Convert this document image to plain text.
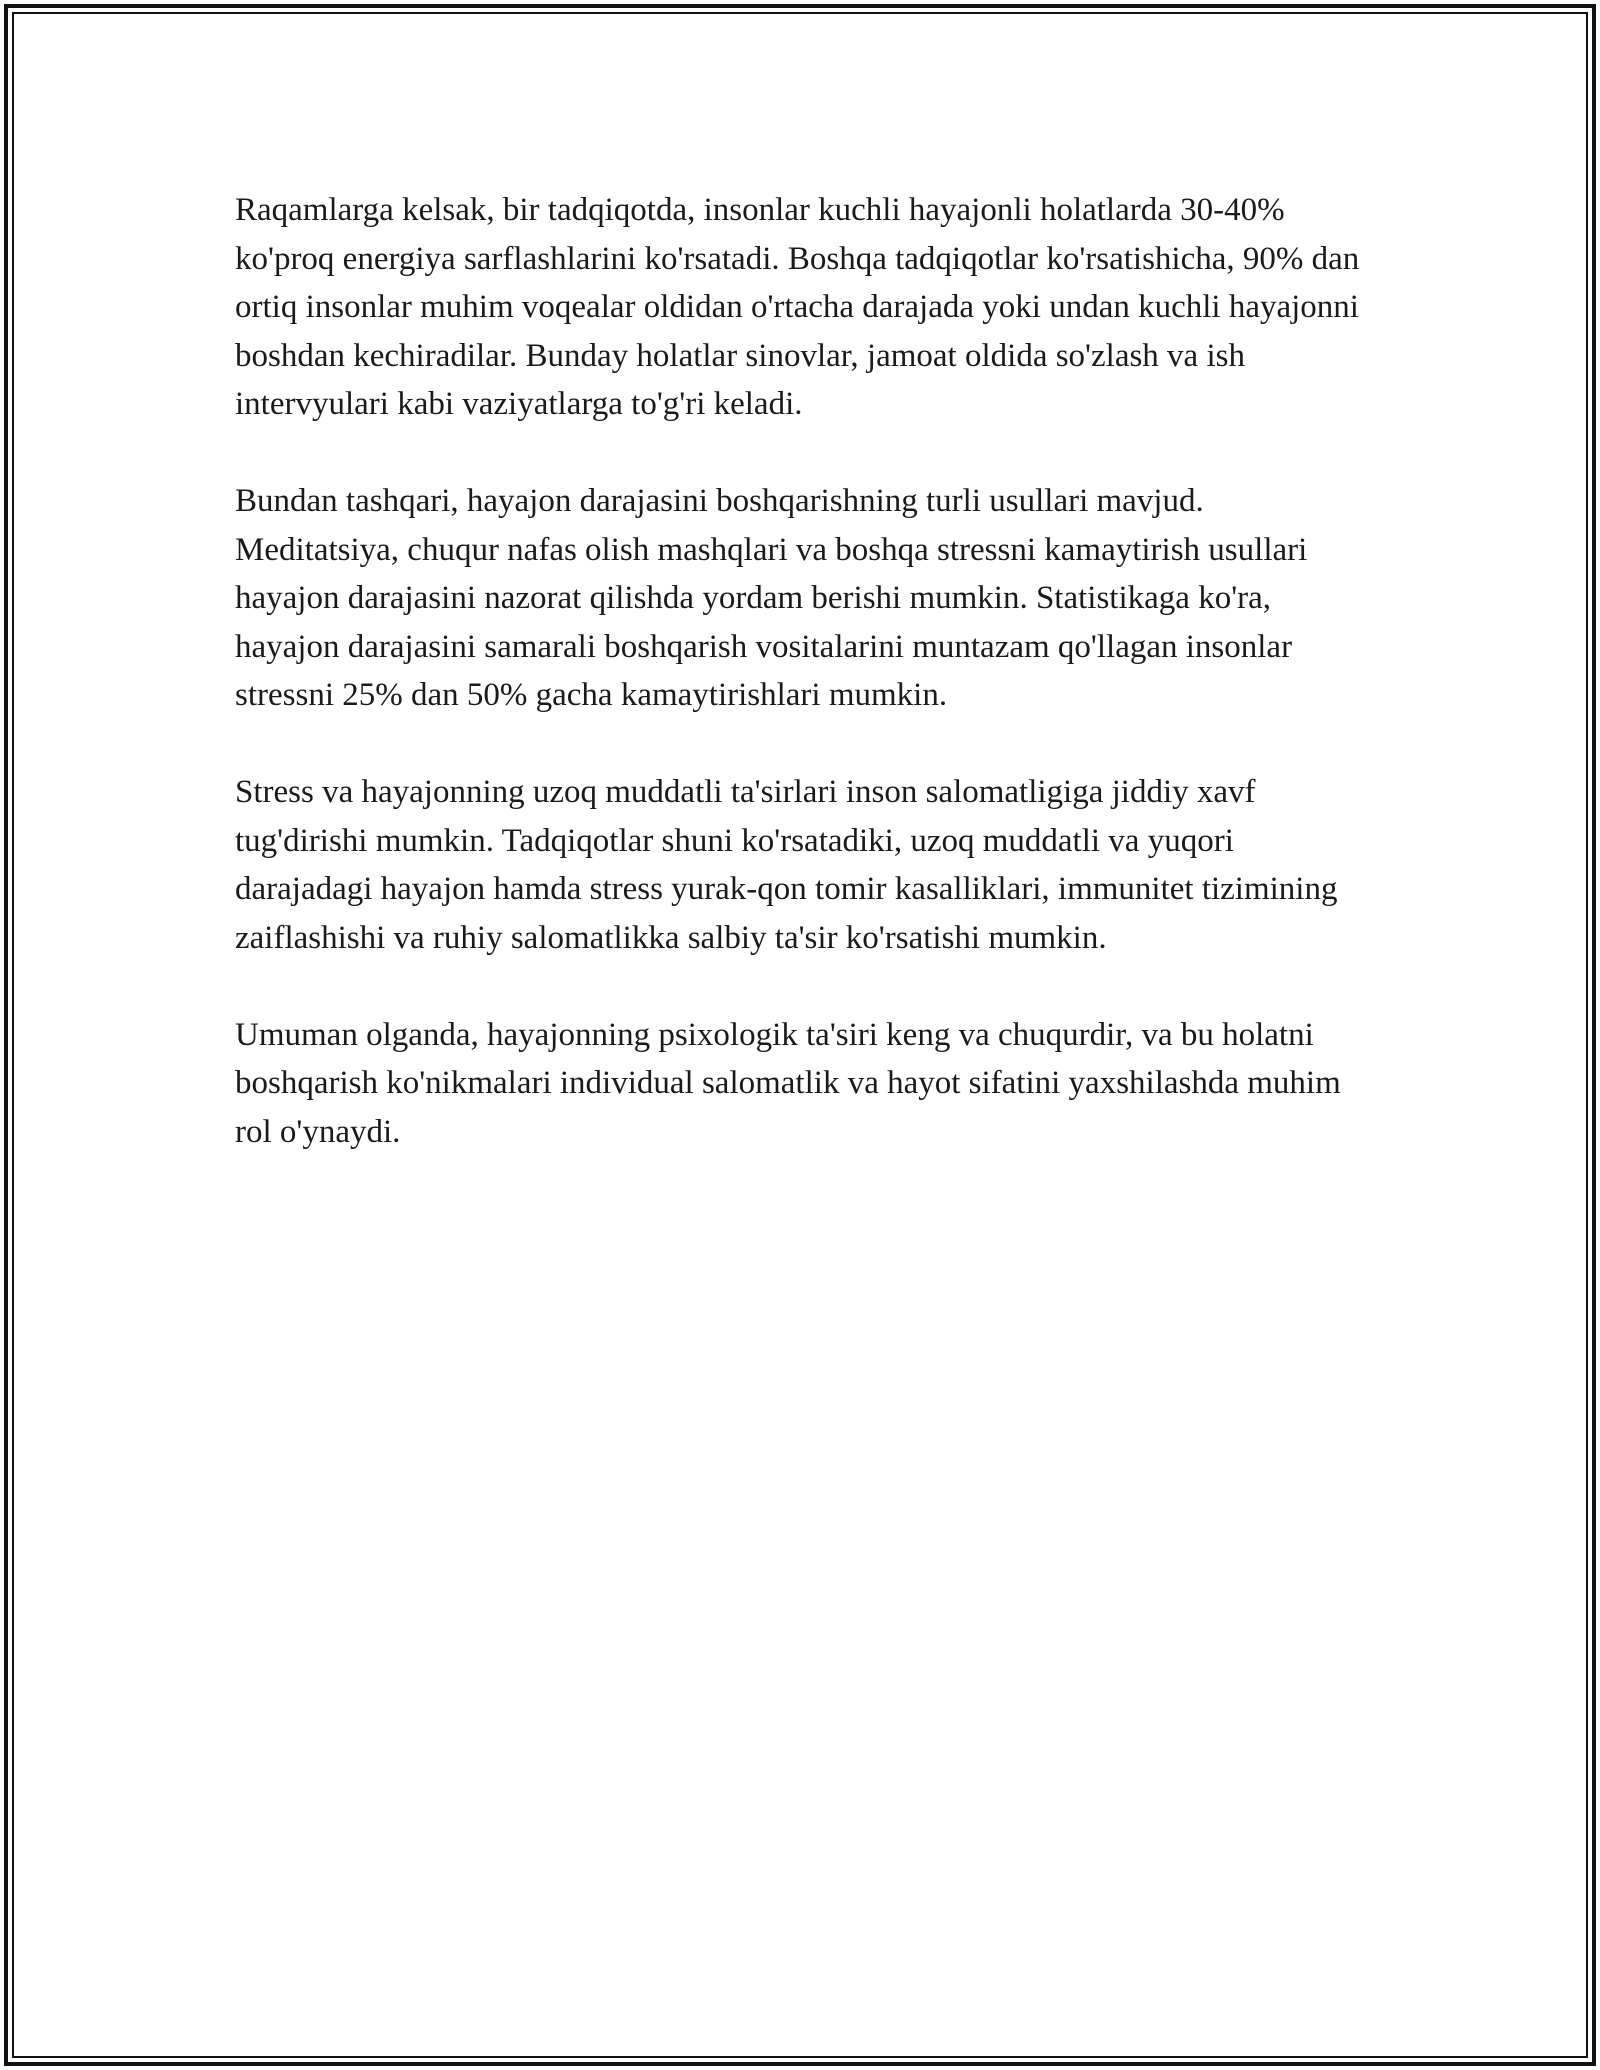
Raqamlarga kelsak, bir tadqiqotda, insonlar kuchli hayajonli holatlarda 30-40% ko'proq energiya sarflashlarini ko'rsatadi. Boshqa tadqiqotlar ko'rsatishicha, 90% dan ortiq insonlar muhim voqealar oldidan o'rtacha darajada yoki undan kuchli hayajonni boshdan kechiradilar. Bunday holatlar sinovlar, jamoat oldida so'zlash va ish intervyulari kabi vaziyatlarga to'g'ri keladi.

Bundan tashqari, hayajon darajasini boshqarishning turli usullari mavjud. Meditatsiya, chuqur nafas olish mashqlari va boshqa stressni kamaytirish usullari hayajon darajasini nazorat qilishda yordam berishi mumkin. Statistikaga ko'ra, hayajon darajasini samarali boshqarish vositalarini muntazam qo'llagan insonlar stressni 25% dan 50% gacha kamaytirishlari mumkin.

Stress va hayajonning uzoq muddatli ta'sirlari inson salomatligiga jiddiy xavf tug'dirishi mumkin. Tadqiqotlar shuni ko'rsatadiki, uzoq muddatli va yuqori darajadagi hayajon hamda stress yurak-qon tomir kasalliklari, immunitet tizimining zaiflashishi va ruhiy salomatlikka salbiy ta'sir ko'rsatishi mumkin.

Umuman olganda, hayajonning psixologik ta'siri keng va chuqurdir, va bu holatni boshqarish ko'nikmalari individual salomatlik va hayot sifatini yaxshilashda muhim rol o'ynaydi.
